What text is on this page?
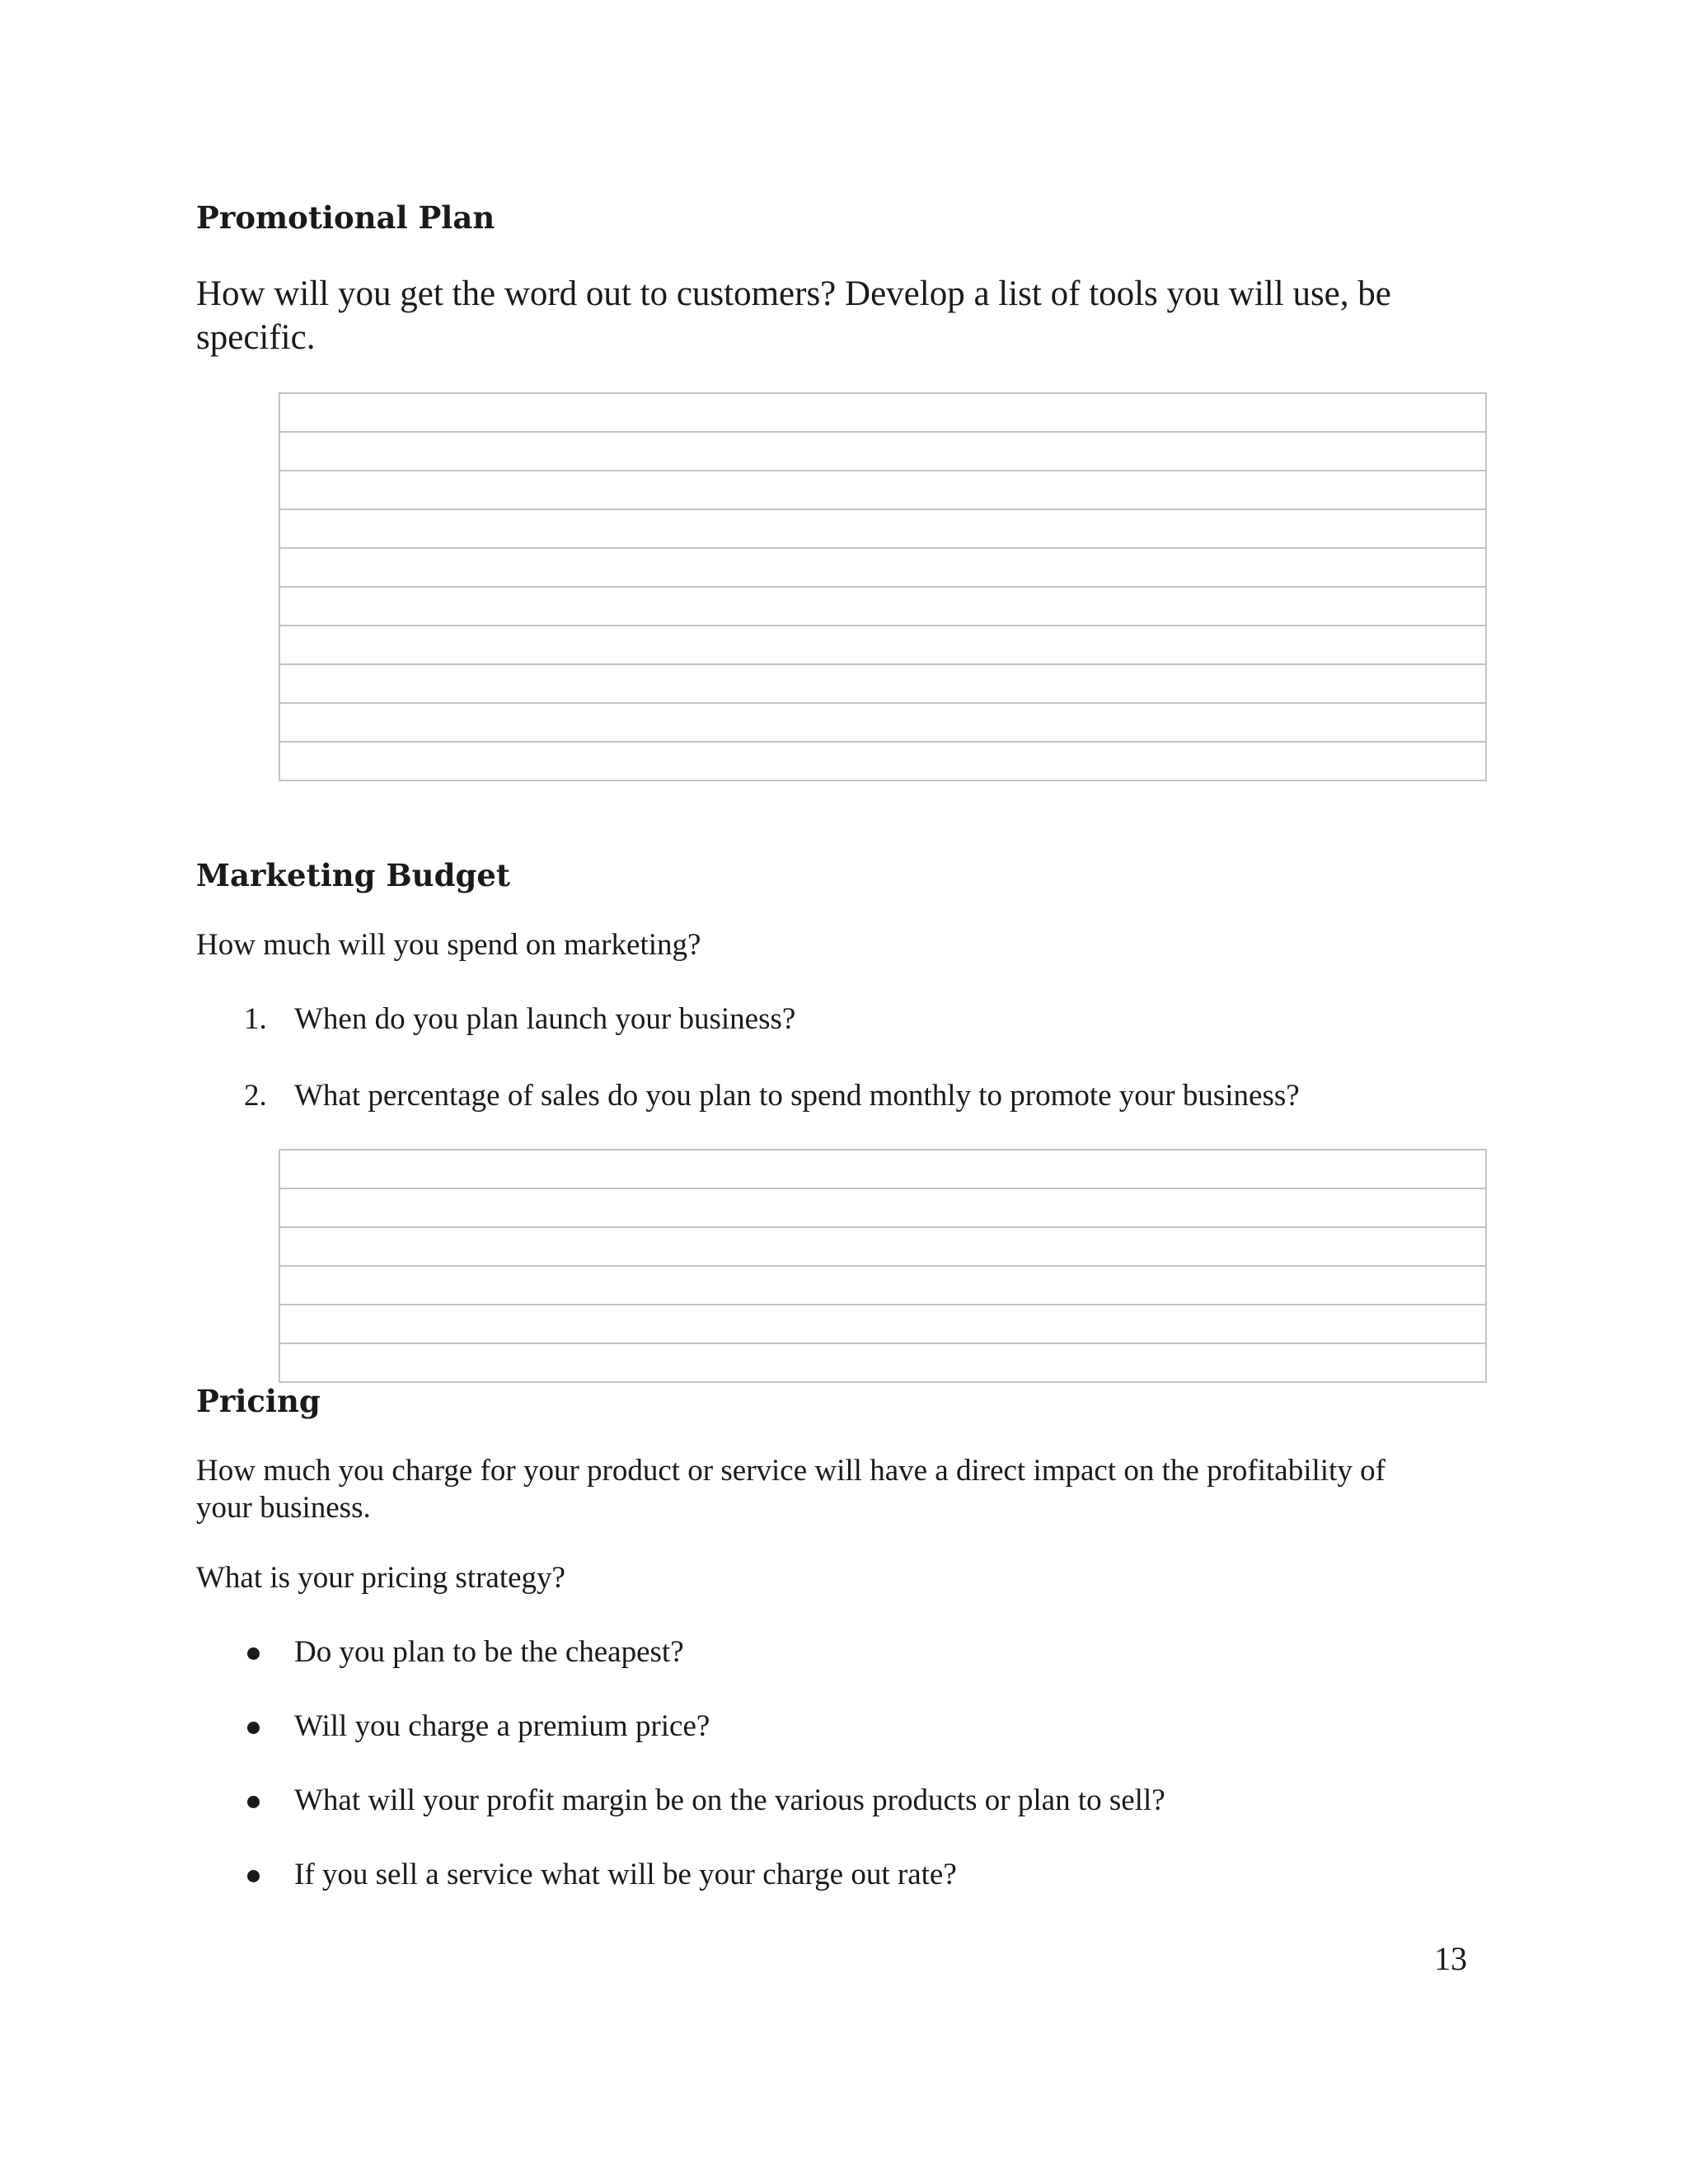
Promotional Plan

How will you get the word out to customers? Develop a list of tools you will use, be

specific.

Marketing Budget

How much will you spend on marketing?

1. When do you plan launch your business?

2. What percentage of sales do you plan to spend monthly to promote your business?

Pricing

How much you charge for your product or service will have a direct impact on the profitability of

your business.

What is your pricing strategy?

Do you plan to be the cheapest?

Will you charge a premium price?

What will your profit margin be on the various products or plan to sell?

If you sell a service what will be your charge out rate?

13
